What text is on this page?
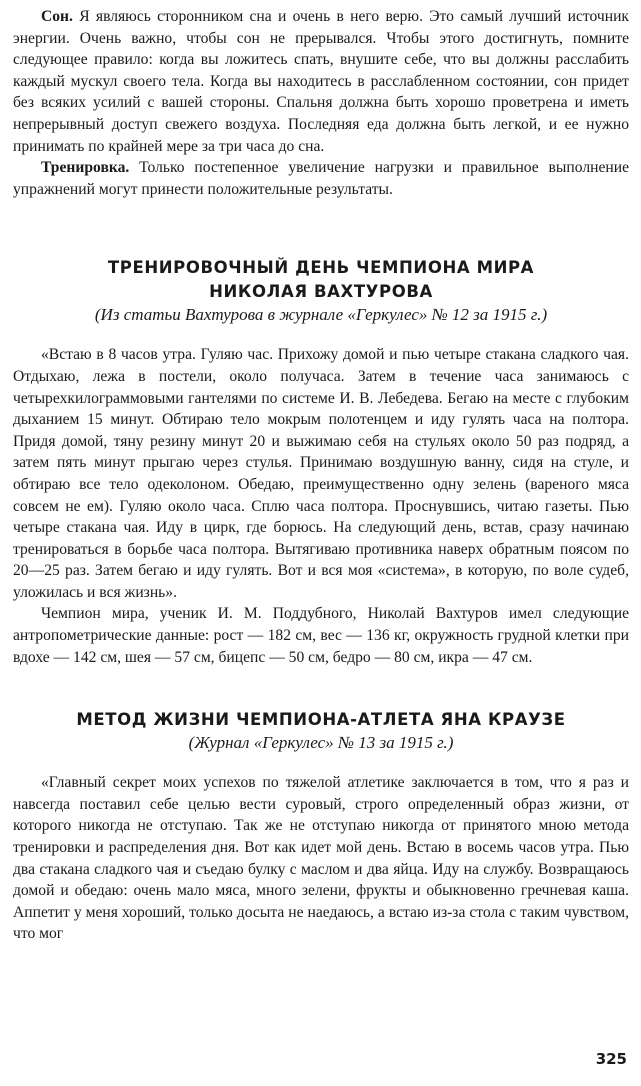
Сон. Я являюсь сторонником сна и очень в него верю. Это самый лучший источник энергии. Очень важно, чтобы сон не прерывался. Чтобы этого достигнуть, помните следующее правило: когда вы ложитесь спать, внушите себе, что вы должны расслабить каждый мускул своего тела. Когда вы находитесь в расслабленном состоянии, сон придет без всяких усилий с вашей стороны. Спальня должна быть хорошо проветрена и иметь непрерывный доступ свежего воздуха. Последняя еда должна быть легкой, и ее нужно принимать по крайней мере за три часа до сна.

Тренировка. Только постепенное увеличение нагрузки и правильное выполнение упражнений могут принести положительные результаты.

ТРЕНИРОВОЧНЫЙ ДЕНЬ ЧЕМПИОНА МИРА
НИКОЛАЯ ВАХТУРОВА
(Из статьи Вахтурова в журнале «Геркулес» № 12 за 1915 г.)

«Встаю в 8 часов утра. Гуляю час. Прихожу домой и пью четыре стакана сладкого чая. Отдыхаю, лежа в постели, около получаса. Затем в течение часа занимаюсь с четырехкилограммовыми гантелями по системе И. В. Лебедева. Бегаю на месте с глубоким дыханием 15 минут. Обтираю тело мокрым полотенцем и иду гулять часа на полтора. Придя домой, тяну резину минут 20 и выжимаю себя на стульях около 50 раз подряд, а затем пять минут прыгаю через стулья. Принимаю воздушную ванну, сидя на стуле, и обтираю все тело одеколоном. Обедаю, преимущественно одну зелень (вареного мяса совсем не ем). Гуляю около часа. Сплю часа полтора. Проснувшись, читаю газеты. Пью четыре стакана чая. Иду в цирк, где борюсь. На следующий день, встав, сразу начинаю тренироваться в борьбе часа полтора. Вытягиваю противника наверх обратным поясом по 20—25 раз. Затем бегаю и иду гулять. Вот и вся моя «система», в которую, по воле судеб, уложилась и вся жизнь».

Чемпион мира, ученик И. М. Поддубного, Николай Вахтуров имел следующие антропометрические данные: рост — 182 см, вес — 136 кг, окружность грудной клетки при вдохе — 142 см, шея — 57 см, бицепс — 50 см, бедро — 80 см, икра — 47 см.

МЕТОД ЖИЗНИ ЧЕМПИОНА-АТЛЕТА ЯНА КРАУЗЕ
(Журнал «Геркулес» № 13 за 1915 г.)

«Главный секрет моих успехов по тяжелой атлетике заключается в том, что я раз и навсегда поставил себе целью вести суровый, строго определенный образ жизни, от которого никогда не отступаю. Так же не отступаю никогда от принятого мною метода тренировки и распределения дня. Вот как идет мой день. Встаю в восемь часов утра. Пью два стакана сладкого чая и съедаю булку с маслом и два яйца. Иду на службу. Возвращаюсь домой и обедаю: очень мало мяса, много зелени, фрукты и обыкновенно гречневая каша. Аппетит у меня хороший, только досыта не наедаюсь, а встаю из-за стола с таким чувством, что мог

325
